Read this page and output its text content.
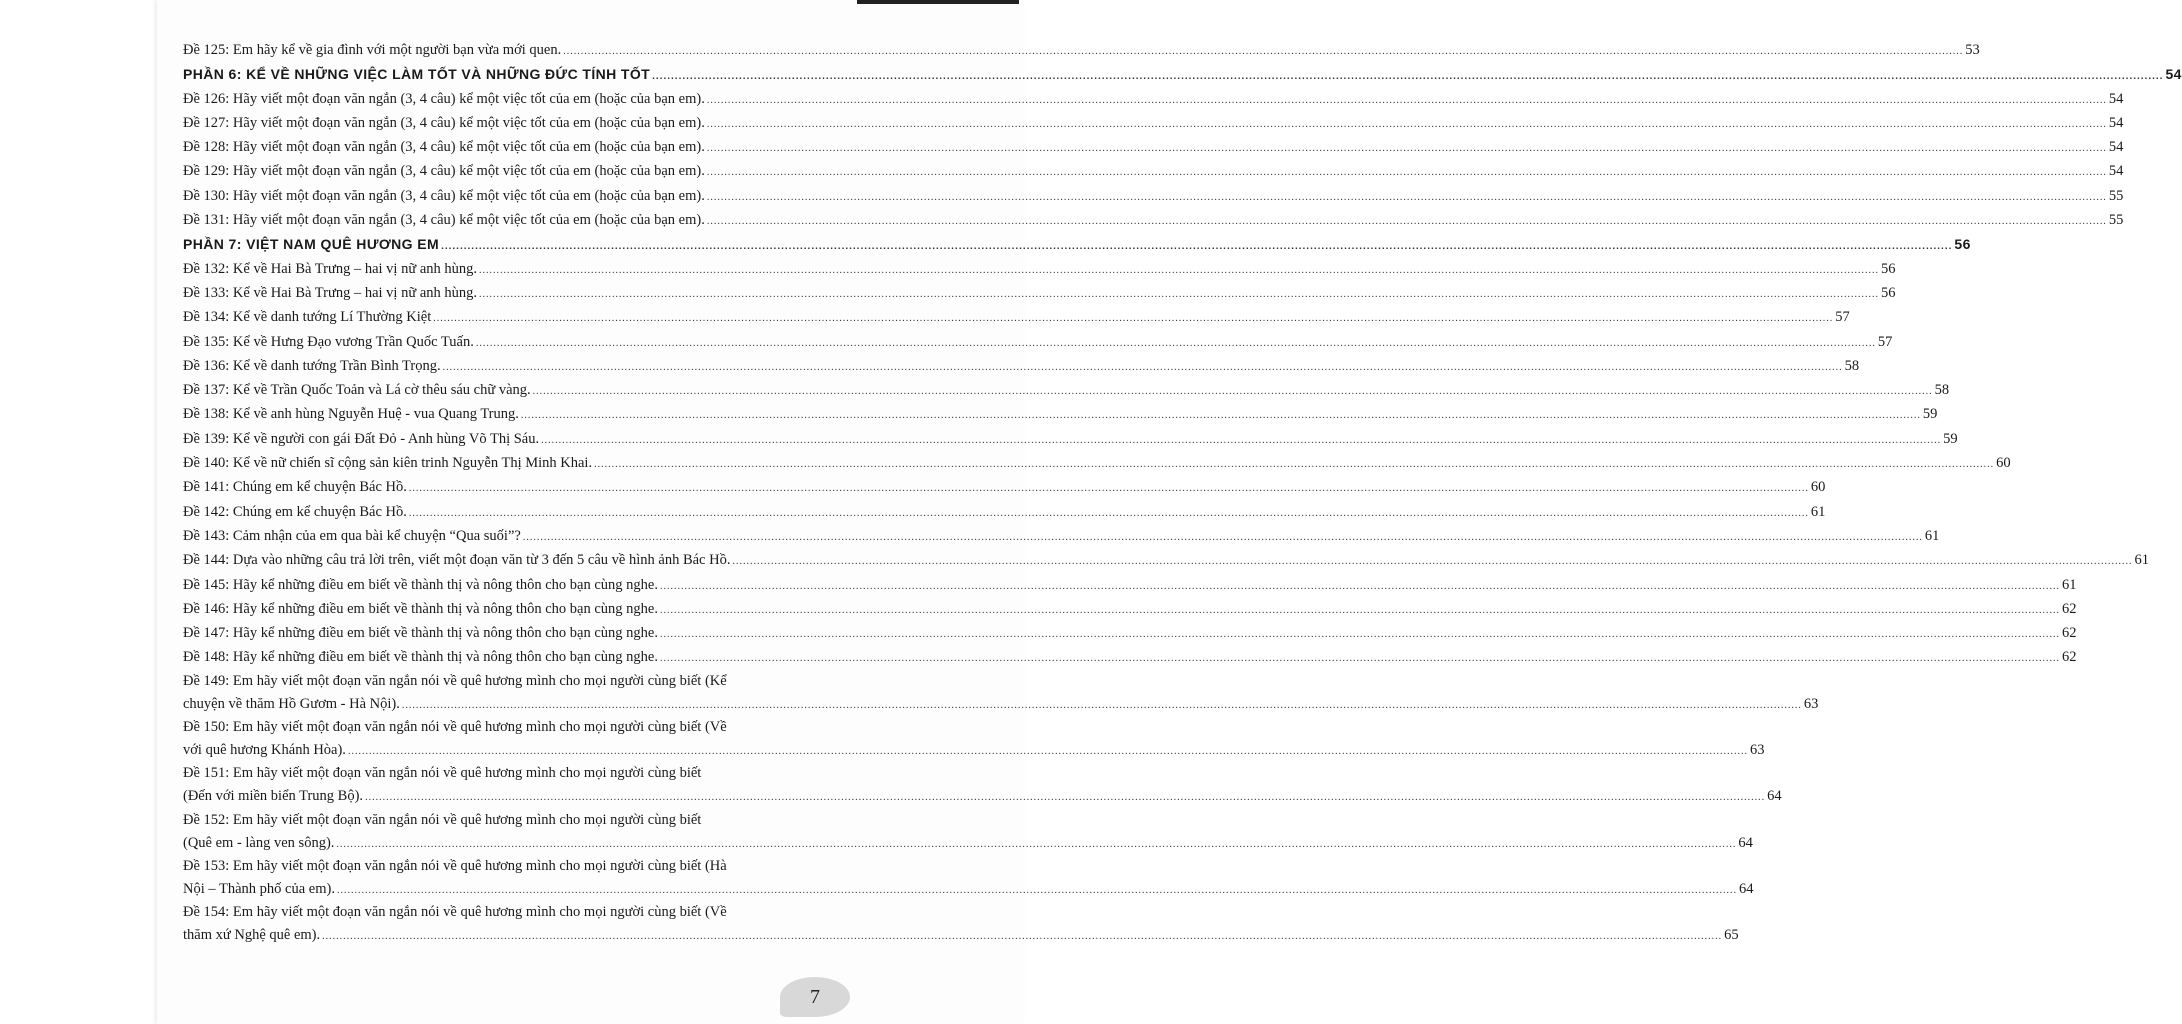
Đề 125: Em hãy kể về gia đình với một người bạn vừa mới quen. ................................................................................................................................................................................................................................................................................................................................................................................................................ 53
PHẦN 6: KỂ VỀ NHỮNG VIỆC LÀM TỐT VÀ NHỮNG ĐỨC TÍNH TỐT ................................................................................................................................................................................................................................................................................................................................................................................................................ 54
Đề 126: Hãy viết một đoạn văn ngắn (3, 4 câu) kể một việc tốt của em (hoặc của bạn em). ................................................................................................................................................................................................................................................................................................................................................................................................................ 54
Đề 127: Hãy viết một đoạn văn ngắn (3, 4 câu) kể một việc tốt của em (hoặc của bạn em). ................................................................................................................................................................................................................................................................................................................................................................................................................ 54
Đề 128: Hãy viết một đoạn văn ngắn (3, 4 câu) kể một việc tốt của em (hoặc của bạn em). ................................................................................................................................................................................................................................................................................................................................................................................................................ 54
Đề 129: Hãy viết một đoạn văn ngắn (3, 4 câu) kể một việc tốt của em (hoặc của bạn em). ................................................................................................................................................................................................................................................................................................................................................................................................................ 54
Đề 130: Hãy viết một đoạn văn ngắn (3, 4 câu) kể một việc tốt của em (hoặc của bạn em). ................................................................................................................................................................................................................................................................................................................................................................................................................ 55
Đề 131: Hãy viết một đoạn văn ngắn (3, 4 câu) kể một việc tốt của em (hoặc của bạn em). ................................................................................................................................................................................................................................................................................................................................................................................................................ 55
PHẦN 7: VIỆT NAM QUÊ HƯƠNG EM ................................................................................................................................................................................................................................................................................................................................................................................................................ 56
Đề 132: Kể về Hai Bà Trưng – hai vị nữ anh hùng. ................................................................................................................................................................................................................................................................................................................................................................................................................ 56
Đề 133: Kể về Hai Bà Trưng – hai vị nữ anh hùng. ................................................................................................................................................................................................................................................................................................................................................................................................................ 56
Đề 134: Kể về danh tướng Lí Thường Kiệt ................................................................................................................................................................................................................................................................................................................................................................................................................ 57
Đề 135: Kể về Hưng Đạo vương Trần Quốc Tuấn. ................................................................................................................................................................................................................................................................................................................................................................................................................ 57
Đề 136: Kể về danh tướng Trần Bình Trọng. ................................................................................................................................................................................................................................................................................................................................................................................................................ 58
Đề 137: Kể về Trần Quốc Toản và Lá cờ thêu sáu chữ vàng. ................................................................................................................................................................................................................................................................................................................................................................................................................ 58
Đề 138: Kể về anh hùng Nguyễn Huệ - vua Quang Trung. ................................................................................................................................................................................................................................................................................................................................................................................................................ 59
Đề 139: Kể về người con gái Đất Đỏ - Anh hùng Võ Thị Sáu. ................................................................................................................................................................................................................................................................................................................................................................................................................ 59
Đề 140: Kể về nữ chiến sĩ cộng sản kiên trinh Nguyễn Thị Minh Khai. ................................................................................................................................................................................................................................................................................................................................................................................................................ 60
Đề 141: Chúng em kể chuyện Bác Hồ. ................................................................................................................................................................................................................................................................................................................................................................................................................ 60
Đề 142: Chúng em kể chuyện Bác Hồ. ................................................................................................................................................................................................................................................................................................................................................................................................................ 61
Đề 143: Cảm nhận của em qua bài kể chuyện “Qua suối”? ................................................................................................................................................................................................................................................................................................................................................................................................................ 61
Đề 144: Dựa vào những câu trả lời trên, viết một đoạn văn từ 3 đến 5 câu về hình ảnh Bác Hồ. ................................................................................................................................................................................................................................................................................................................................................................................................................ 61
Đề 145: Hãy kể những điều em biết về thành thị và nông thôn cho bạn cùng nghe. ................................................................................................................................................................................................................................................................................................................................................................................................................ 61
Đề 146: Hãy kể những điều em biết về thành thị và nông thôn cho bạn cùng nghe. ................................................................................................................................................................................................................................................................................................................................................................................................................ 62
Đề 147: Hãy kể những điều em biết về thành thị và nông thôn cho bạn cùng nghe. ................................................................................................................................................................................................................................................................................................................................................................................................................ 62
Đề 148: Hãy kể những điều em biết về thành thị và nông thôn cho bạn cùng nghe. ................................................................................................................................................................................................................................................................................................................................................................................................................ 62
Đề 149: Em hãy viết một đoạn văn ngắn nói về quê hương mình cho mọi người cùng biết (Kể
chuyện về thăm Hồ Gươm - Hà Nội). ................................................................................................................................................................................................................................................................................................................................................................................................................ 63
Đề 150: Em hãy viết một đoạn văn ngắn nói về quê hương mình cho mọi người cùng biết (Về
với quê hương Khánh Hòa). ................................................................................................................................................................................................................................................................................................................................................................................................................ 63
Đề 151: Em hãy viết một đoạn văn ngắn nói về quê hương mình cho mọi người cùng biết
(Đến với miền biển Trung Bộ). ................................................................................................................................................................................................................................................................................................................................................................................................................ 64
Đề 152: Em hãy viết một đoạn văn ngắn nói về quê hương mình cho mọi người cùng biết
(Quê em - làng ven sông). ................................................................................................................................................................................................................................................................................................................................................................................................................ 64
Đề 153: Em hãy viết một đoạn văn ngắn nói về quê hương mình cho mọi người cùng biết (Hà
Nội – Thành phố của em). ................................................................................................................................................................................................................................................................................................................................................................................................................ 64
Đề 154: Em hãy viết một đoạn văn ngắn nói về quê hương mình cho mọi người cùng biết (Về
thăm xứ Nghệ quê em). ................................................................................................................................................................................................................................................................................................................................................................................................................ 65
7
